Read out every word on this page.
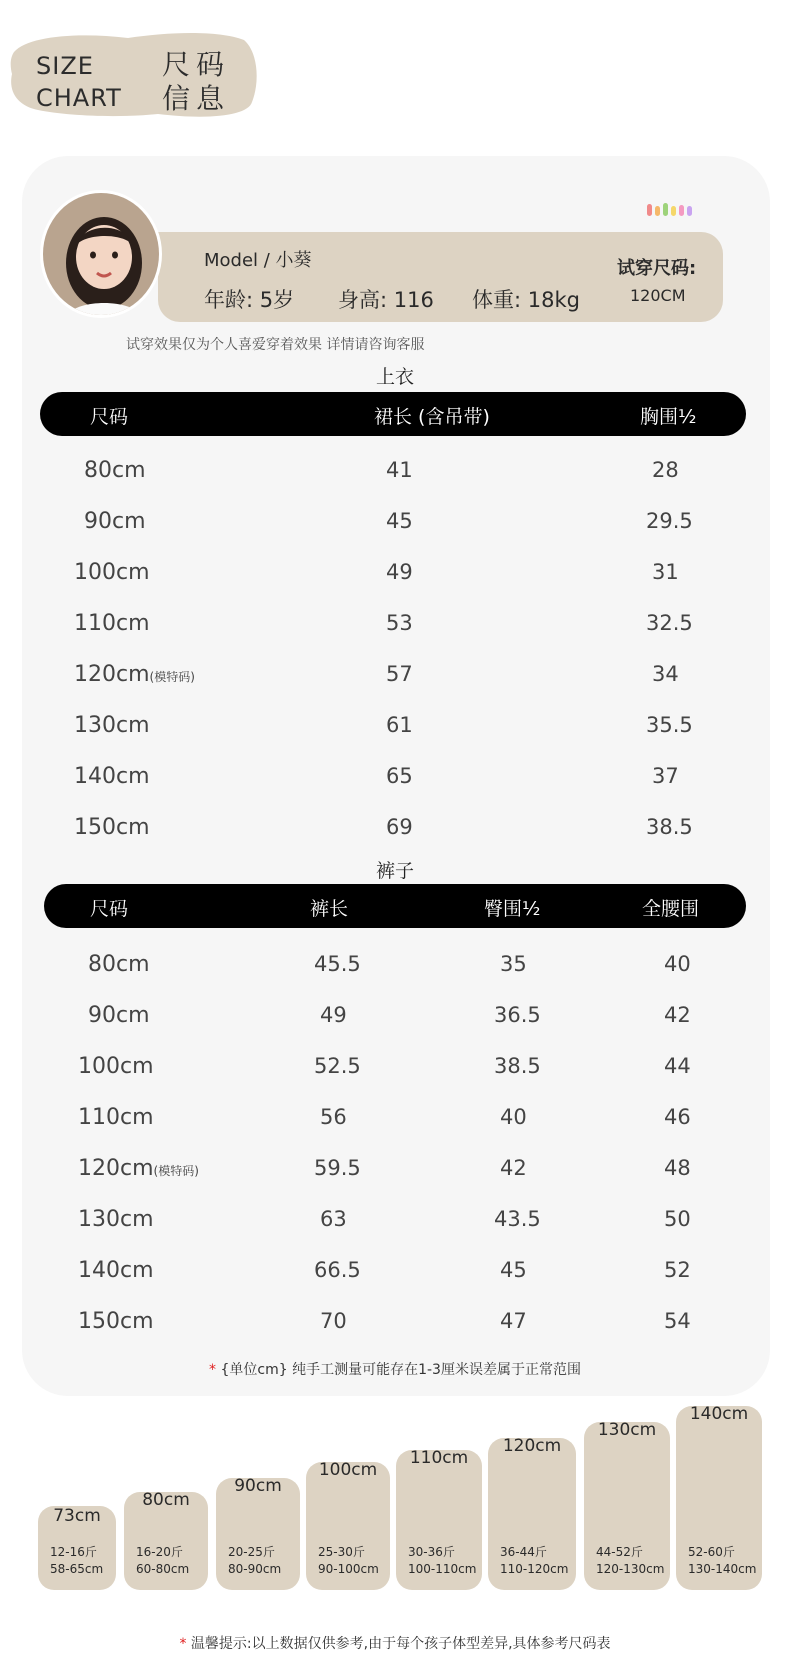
SIZE
CHART
尺码
信息
Model / 小葵
年龄: 5岁 身高: 116 体重: 18kg
试穿尺码:
120CM
试穿效果仅为个人喜爱穿着效果 详情请咨询客服
上衣
尺码	裙长 (含吊带)	胸围½
80cm	41	28
90cm	45	29.5
100cm	49	31
110cm	53	32.5
120cm(模特码)	57	34
130cm	61	35.5
140cm	65	37
150cm	69	38.5
裤子
尺码	裤长	臀围½	全腰围
80cm	45.5	35	40
90cm	49	36.5	42
100cm	52.5	38.5	44
110cm	56	40	46
120cm(模特码)	59.5	42	48
130cm	63	43.5	50
140cm	66.5	45	52
150cm	70	47	54
* {单位cm} 纯手工测量可能存在1-3厘米误差属于正常范围
73cm
12-16斤
58-65cm
80cm
16-20斤
60-80cm
90cm
20-25斤
80-90cm
100cm
25-30斤
90-100cm
110cm
30-36斤
100-110cm
120cm
36-44斤
110-120cm
130cm
44-52斤
120-130cm
140cm
52-60斤
130-140cm
* 温馨提示:以上数据仅供参考,由于每个孩子体型差异,具体参考尺码表
